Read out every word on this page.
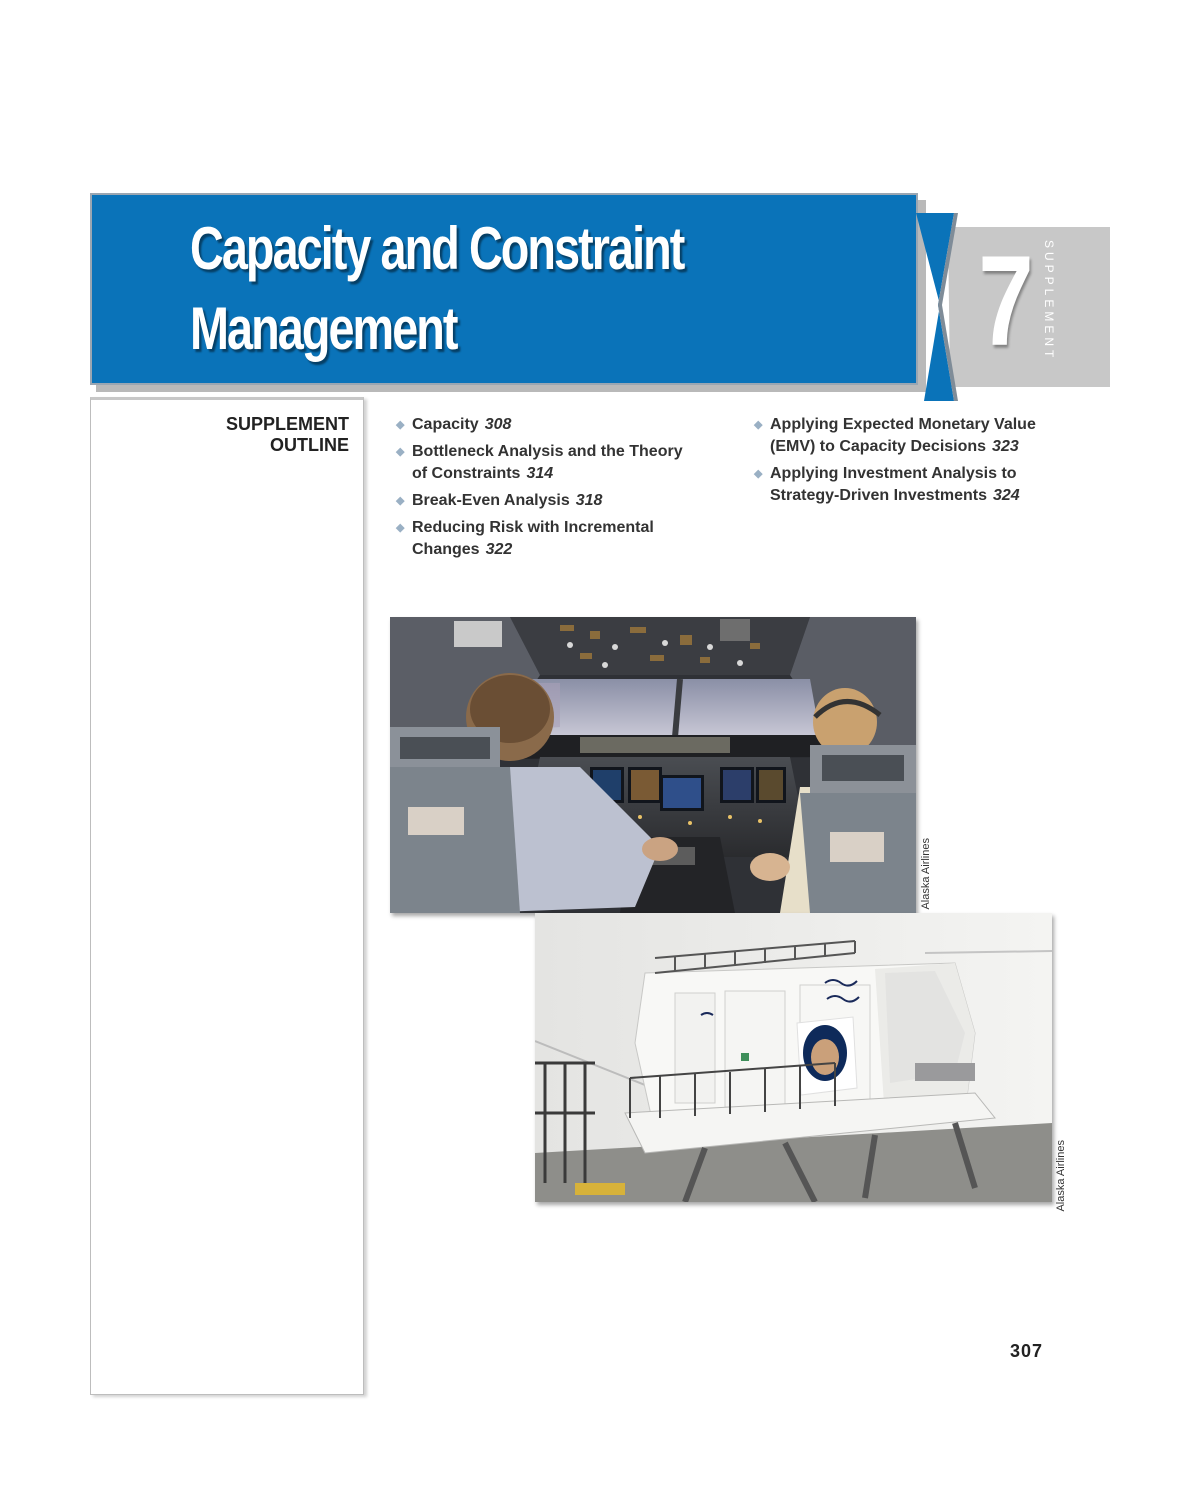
Capacity and Constraint
Management	7 SUPPLEMENT
SUPPLEMENT
OUTLINE
◆ Capacity 308
◆ Bottleneck Analysis and the Theory of Constraints 314
◆ Break-Even Analysis 318
◆ Reducing Risk with Incremental Changes 322
◆ Applying Expected Monetary Value (EMV) to Capacity Decisions 323
◆ Applying Investment Analysis to Strategy-Driven Investments 324
Alaska Airlines
Alaska Airlines
307
